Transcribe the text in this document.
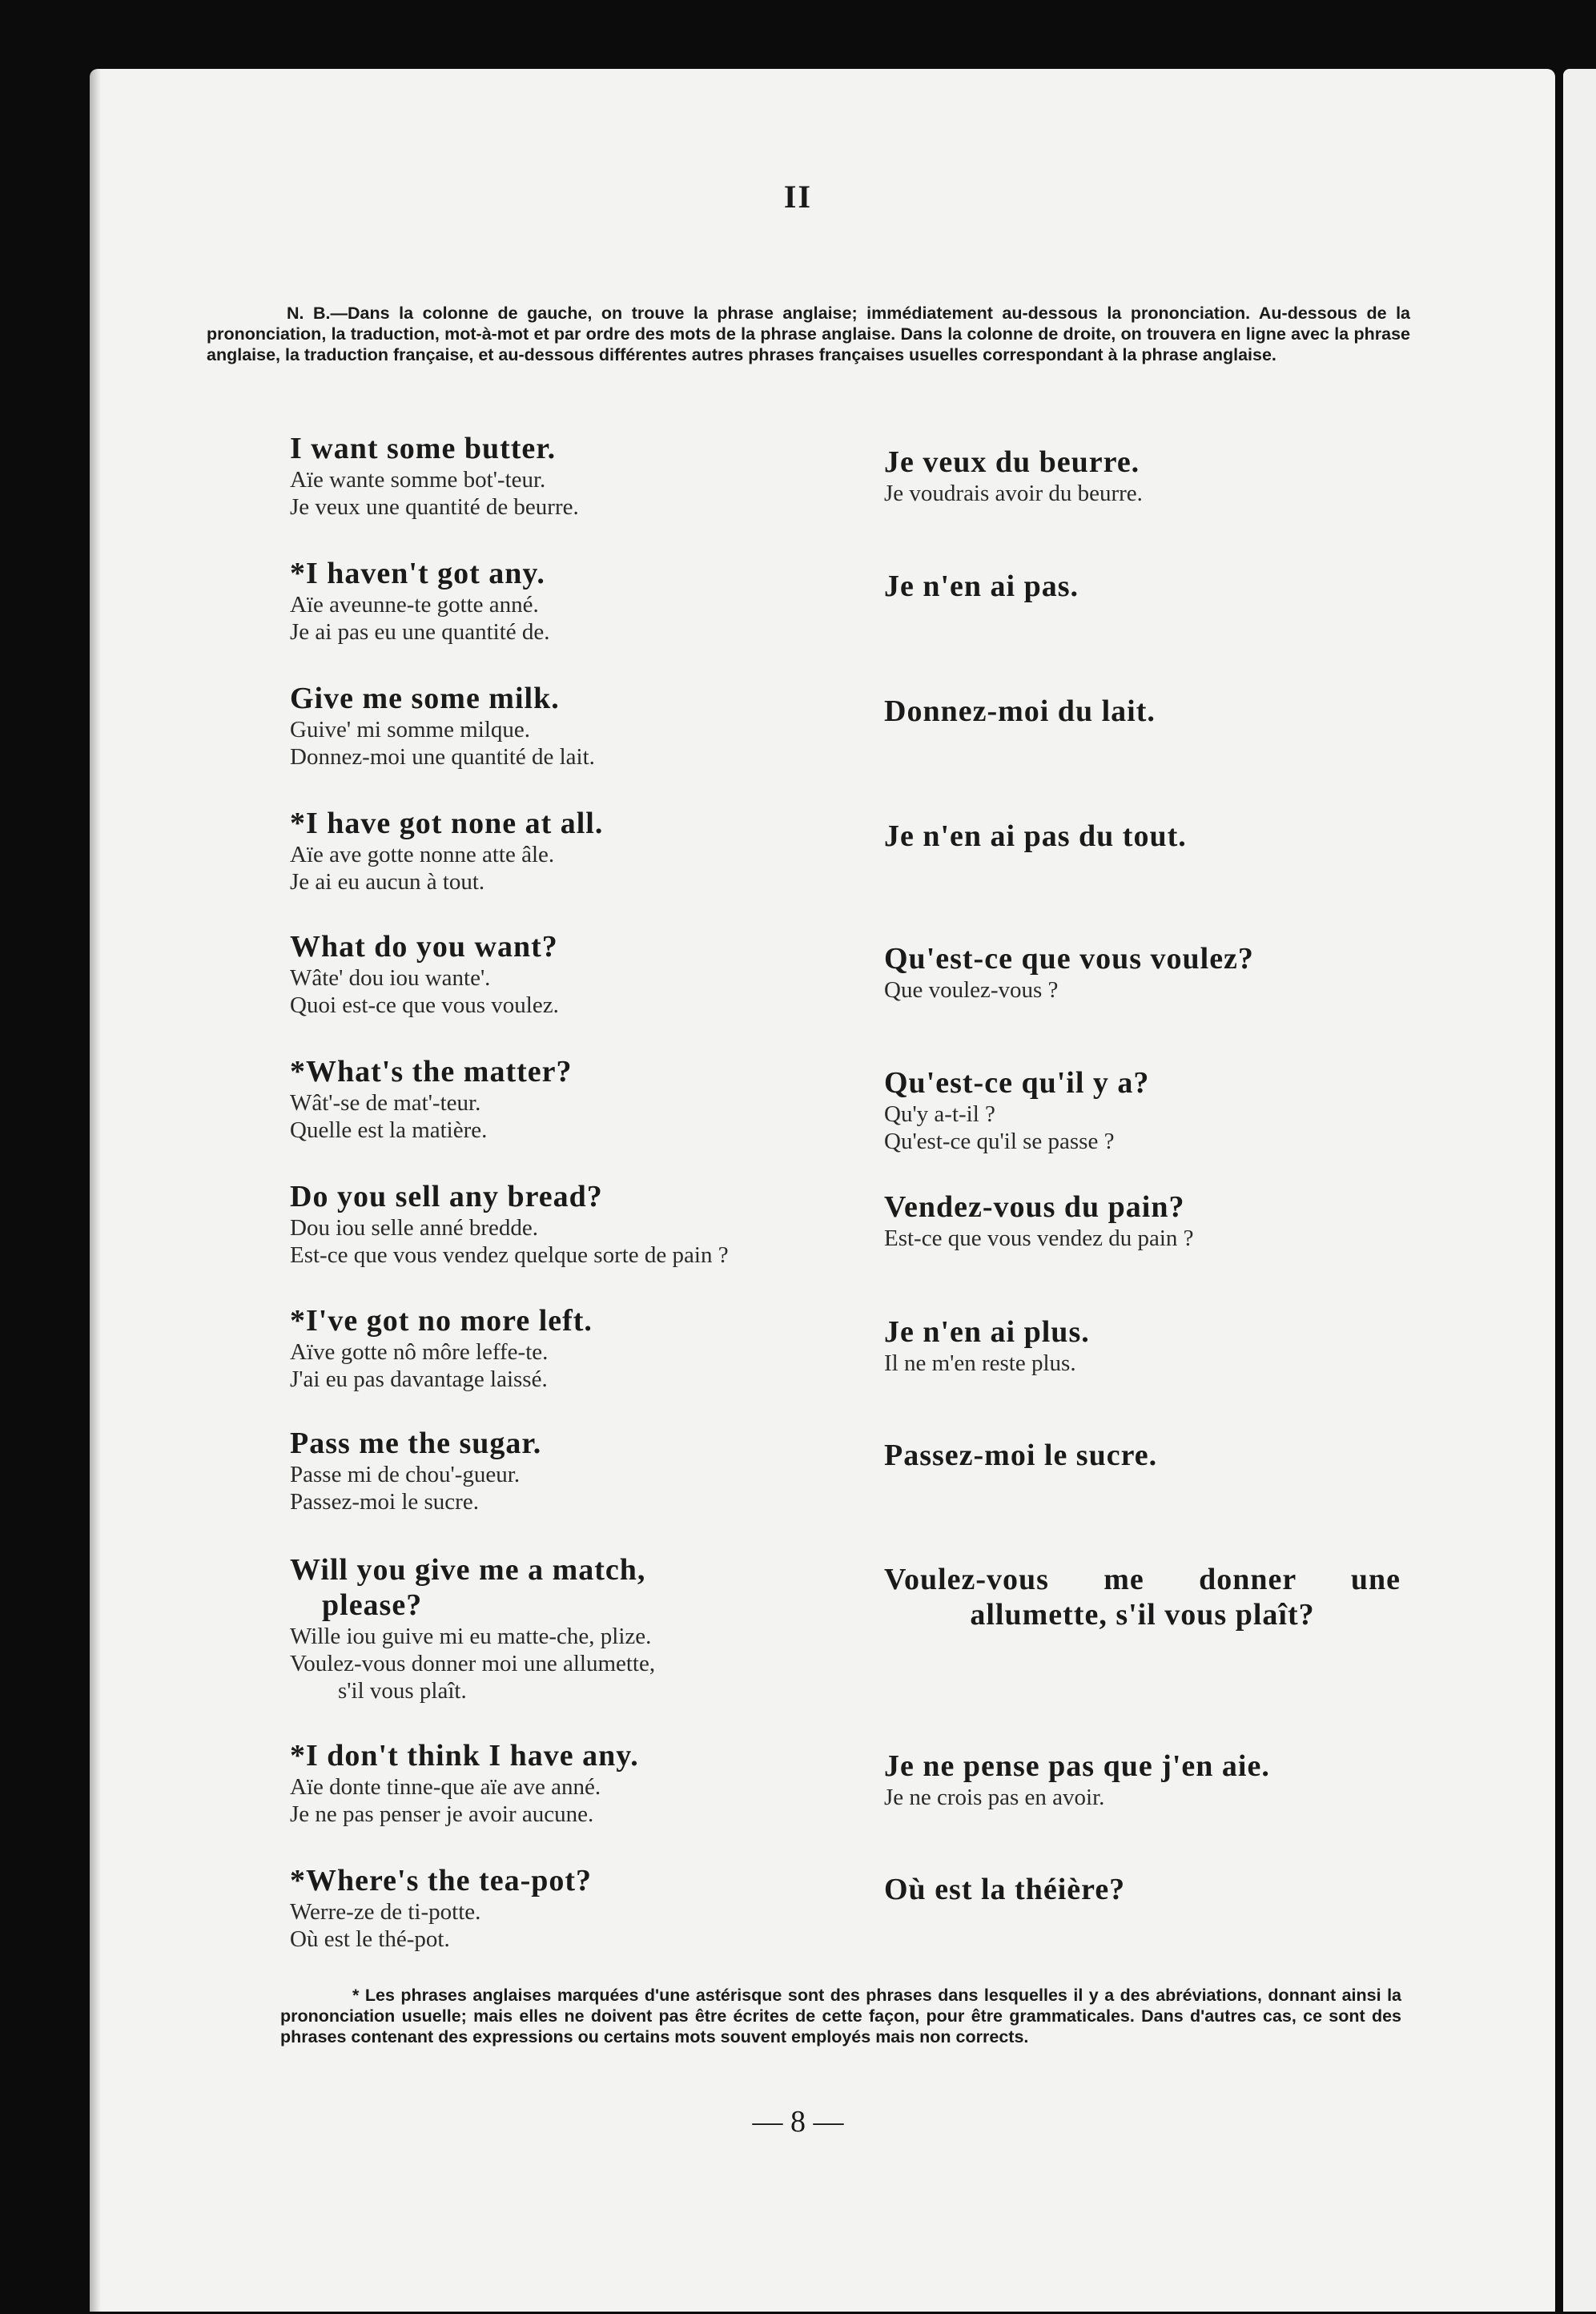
II
N. B.—Dans la colonne de gauche, on trouve la phrase anglaise; immédiatement au-dessous la prononciation. Au-dessous de la prononciation, la traduction, mot-à-mot et par ordre des mots de la phrase anglaise. Dans la colonne de droite, on trouvera en ligne avec la phrase anglaise, la traduction française, et au-dessous différentes autres phrases françaises usuelles correspondant à la phrase anglaise.
I want some butter.
Aïe wante somme bot'-teur.
Je veux une quantité de beurre.
Je veux du beurre.
Je voudrais avoir du beurre.
*I haven't got any.
Aïe aveunne-te gotte anné.
Je ai pas eu une quantité de.
Je n'en ai pas.
Give me some milk.
Guive' mi somme milque.
Donnez-moi une quantité de lait.
Donnez-moi du lait.
*I have got none at all.
Aïe ave gotte nonne atte âle.
Je ai eu aucun à tout.
Je n'en ai pas du tout.
What do you want?
Wâte' dou iou wante'.
Quoi est-ce que vous voulez.
Qu'est-ce que vous voulez?
Que voulez-vous ?
*What's the matter?
Wât'-se de mat'-teur.
Quelle est la matière.
Qu'est-ce qu'il y a?
Qu'y a-t-il ?
Qu'est-ce qu'il se passe ?
Do you sell any bread?
Dou iou selle anné bredde.
Est-ce que vous vendez quelque sorte de pain ?
Vendez-vous du pain?
Est-ce que vous vendez du pain ?
*I've got no more left.
Aïve gotte nô môre leffe-te.
J'ai eu pas davantage laissé.
Je n'en ai plus.
Il ne m'en reste plus.
Pass me the sugar.
Passe mi de chou'-gueur.
Passez-moi le sucre.
Passez-moi le sucre.
Will you give me a match,
please?
Wille iou guive mi eu matte-che, plize.
Voulez-vous donner moi une allumette,
s'il vous plaît.
Voulez-vous me donner une allumette, s'il vous plaît?
*I don't think I have any.
Aïe donte tinne-que aïe ave anné.
Je ne pas penser je avoir aucune.
Je ne pense pas que j'en aie.
Je ne crois pas en avoir.
*Where's the tea-pot?
Werre-ze de ti-potte.
Où est le thé-pot.
Où est la théière?
* Les phrases anglaises marquées d'une astérisque sont des phrases dans lesquelles il y a des abréviations, donnant ainsi la prononciation usuelle; mais elles ne doivent pas être écrites de cette façon, pour être grammaticales. Dans d'autres cas, ce sont des phrases contenant des expressions ou certains mots souvent employés mais non corrects.
— 8 —
